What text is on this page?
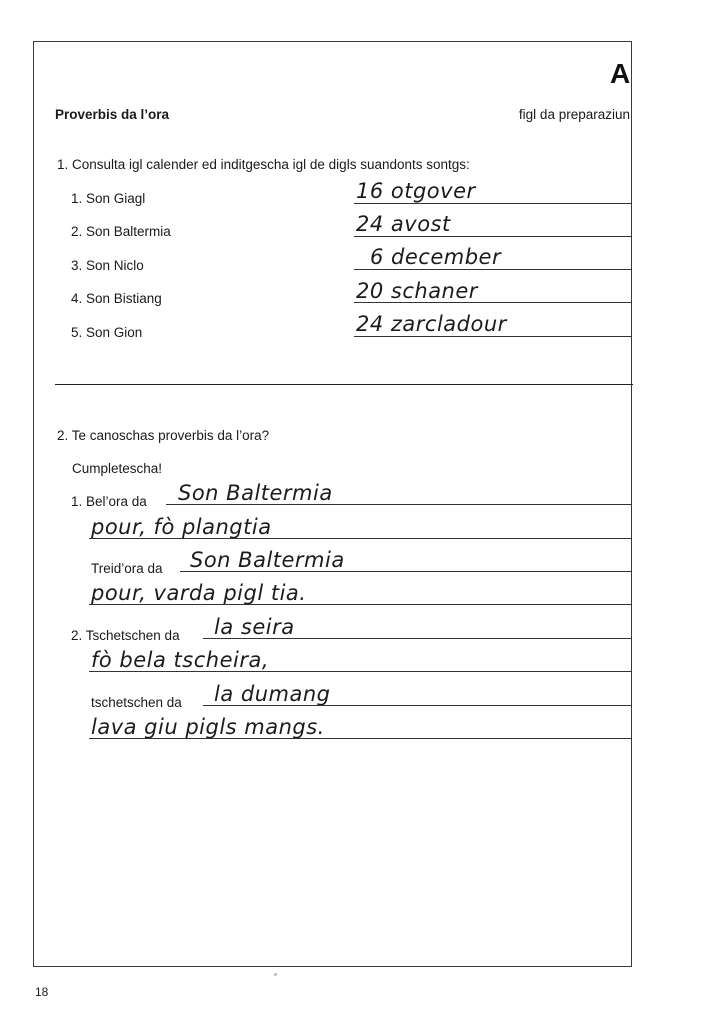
A
Proverbis da l’ora	figl da preparaziun
1. Consulta igl calender ed inditgescha igl de digls suandonts sontgs:
1. Son Giagl	16 otgover
2. Son Baltermia	24 avost
3. Son Niclo	6 december
4. Son Bistiang	20 schaner
5. Son Gion	24 zarcladour
2. Te canoschas proverbis da l’ora?
Cumpletescha!
1. Bel’ora da Son Baltermia
pour, fò plangtia
Treid’ora da Son Baltermia
pour, varda pigl tia.
2. Tschetschen da la seira
fò bela tscheira,
tschetschen da la dumang
lava giu pigls mangs.
18
